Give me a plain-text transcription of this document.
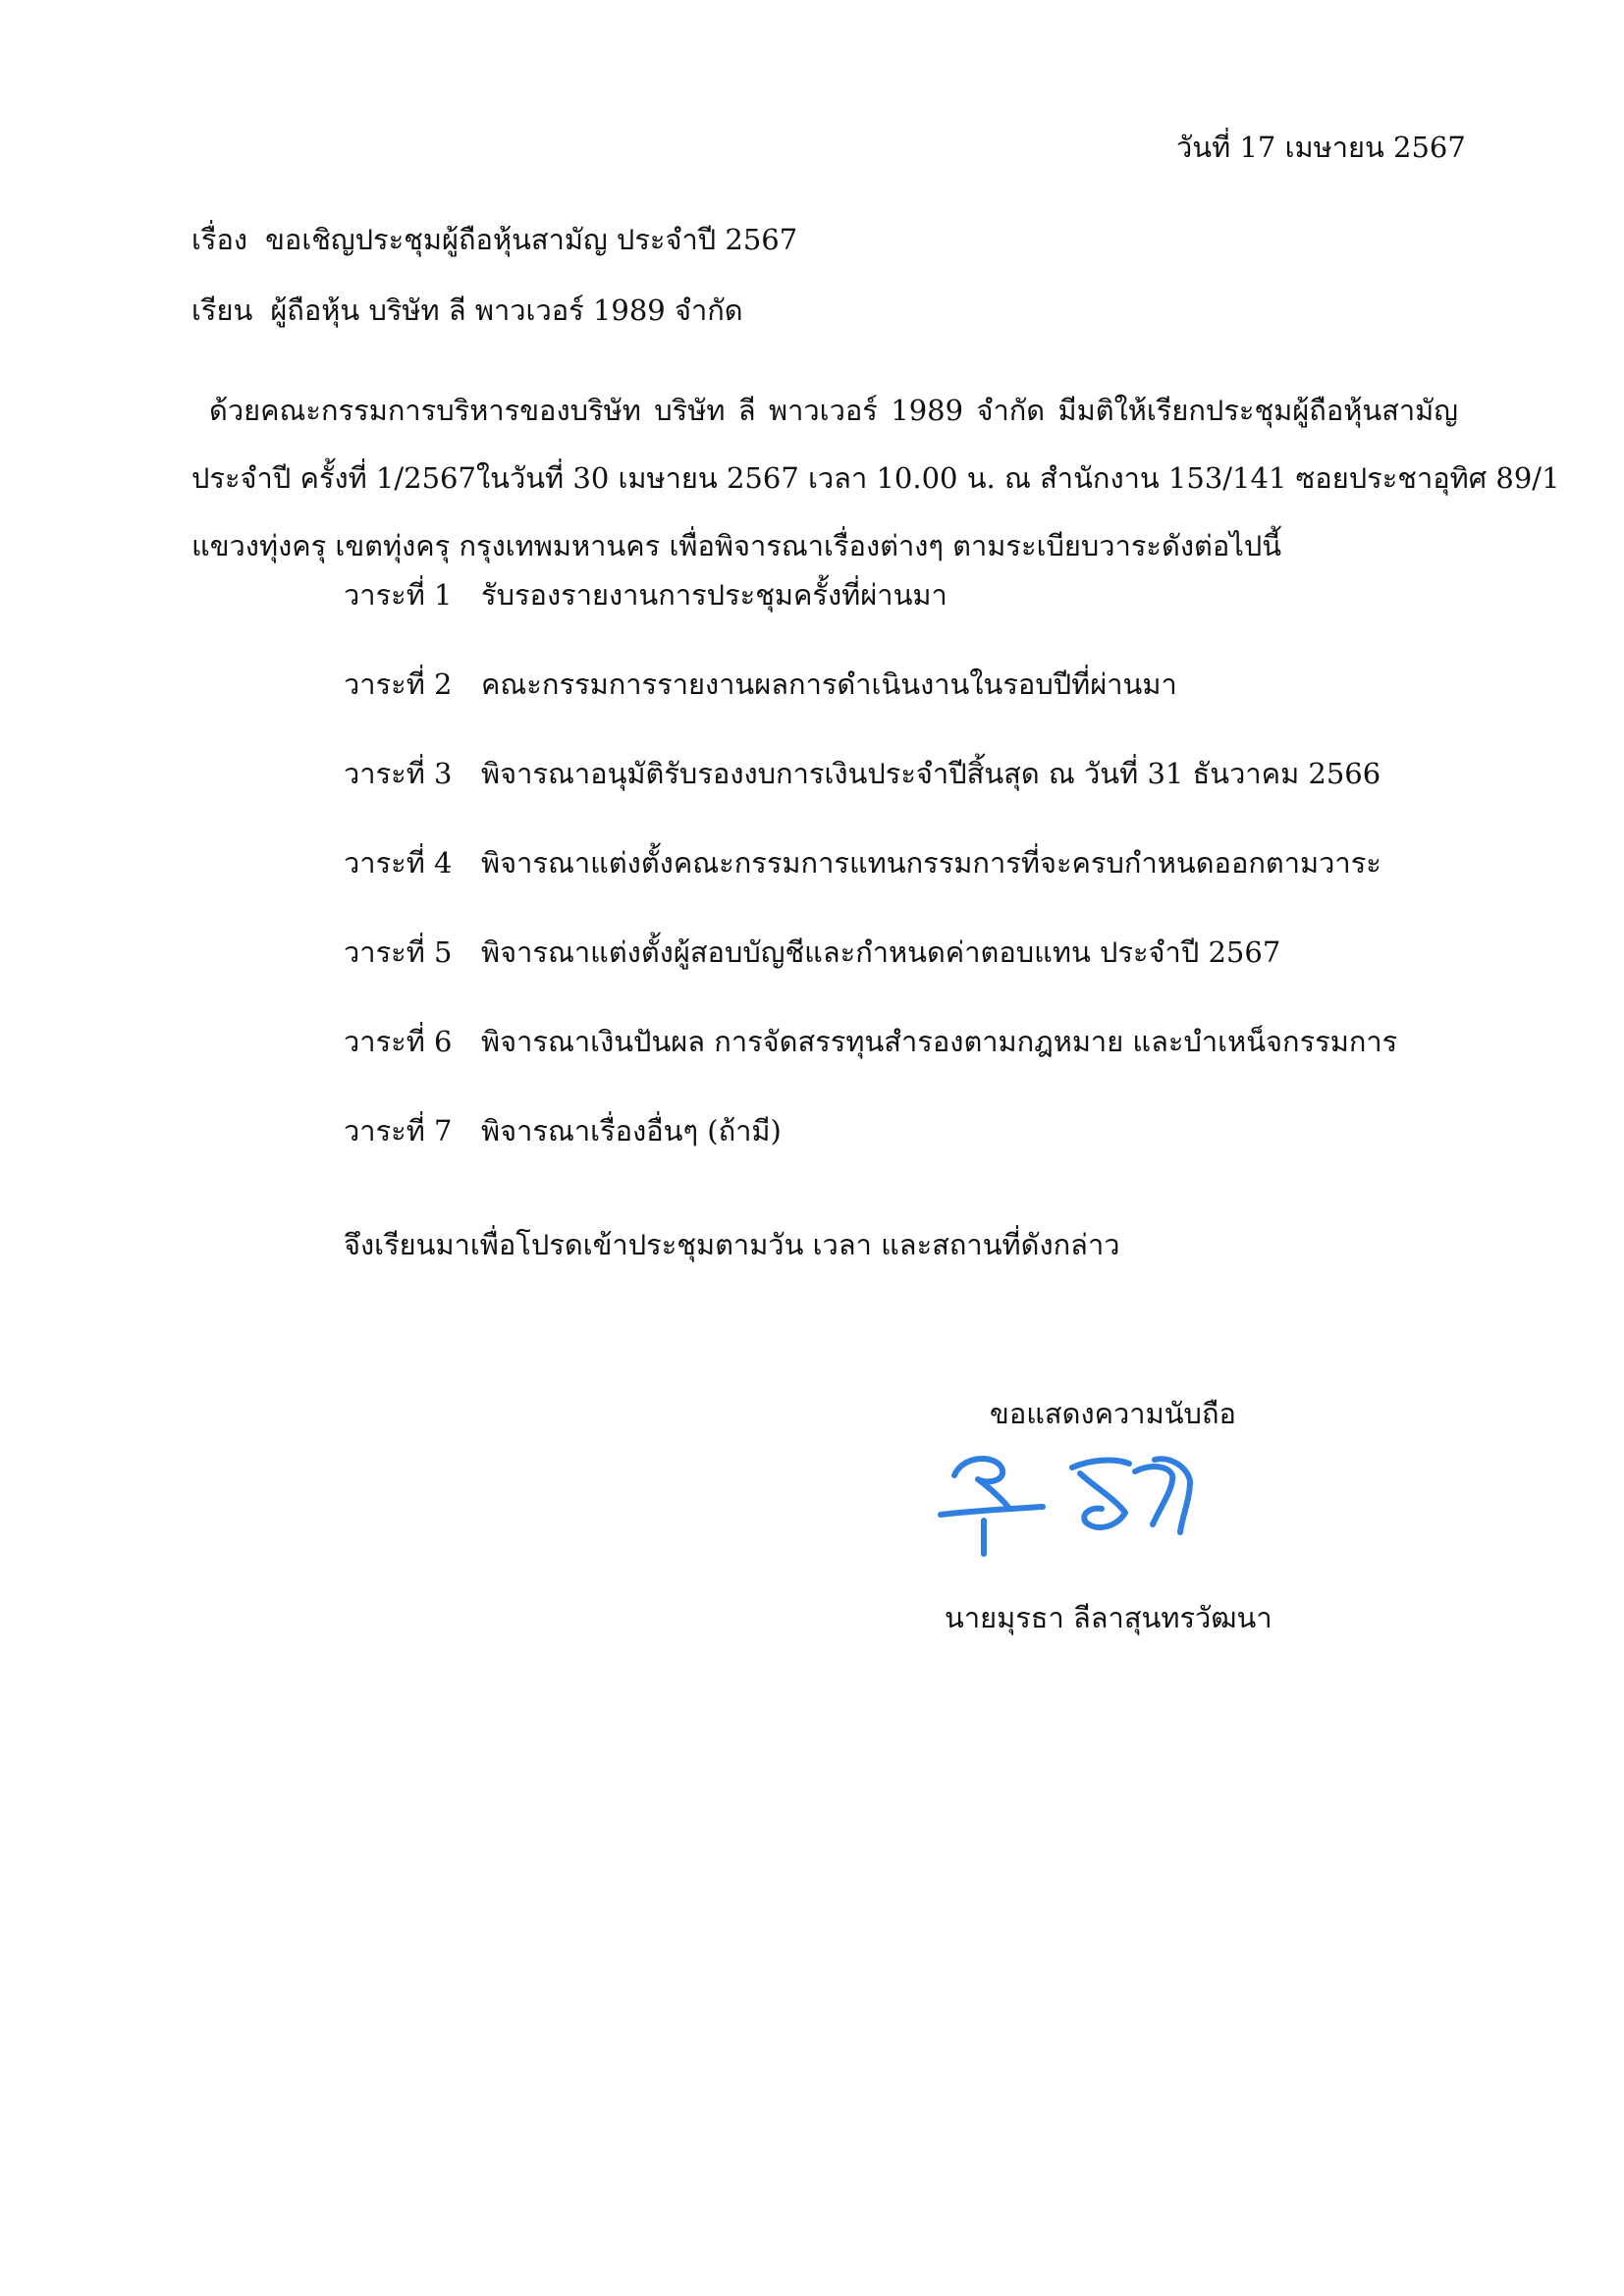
วันที่ 17 เมษายน 2567
เรื่อง ขอเชิญประชุมผู้ถือหุ้นสามัญ ประจำปี 2567
เรียน ผู้ถือหุ้น บริษัท ลี พาวเวอร์ 1989 จำกัด

ด้วยคณะกรรมการบริหารของบริษัท บริษัท ลี พาวเวอร์ 1989 จำกัด มีมติให้เรียกประชุมผู้ถือหุ้นสามัญ

ประจำปี ครั้งที่ 1/2567ในวันที่ 30 เมษายน 2567 เวลา 10.00 น. ณ สำนักงาน 153/141 ซอยประชาอุทิศ 89/1

แขวงทุ่งครุ เขตทุ่งครุ กรุงเทพมหานคร เพื่อพิจารณาเรื่องต่างๆ ตามระเบียบวาระดังต่อไปนี้

วาระที่ 1	รับรองรายงานการประชุมครั้งที่ผ่านมา
วาระที่ 2	คณะกรรมการรายงานผลการดำเนินงานในรอบปีที่ผ่านมา
วาระที่ 3	พิจารณาอนุมัติรับรองงบการเงินประจำปีสิ้นสุด ณ วันที่ 31 ธันวาคม 2566
วาระที่ 4	พิจารณาแต่งตั้งคณะกรรมการแทนกรรมการที่จะครบกำหนดออกตามวาระ
วาระที่ 5	พิจารณาแต่งตั้งผู้สอบบัญชีและกำหนดค่าตอบแทน ประจำปี 2567
วาระที่ 6	พิจารณาเงินปันผล การจัดสรรทุนสำรองตามกฎหมาย และบำเหน็จกรรมการ
วาระที่ 7	พิจารณาเรื่องอื่นๆ (ถ้ามี)
จึงเรียนมาเพื่อโปรดเข้าประชุมตามวัน เวลา และสถานที่ดังกล่าว
ขอแสดงความนับถือ
นายมุรธา ลีลาสุนทรวัฒนา
